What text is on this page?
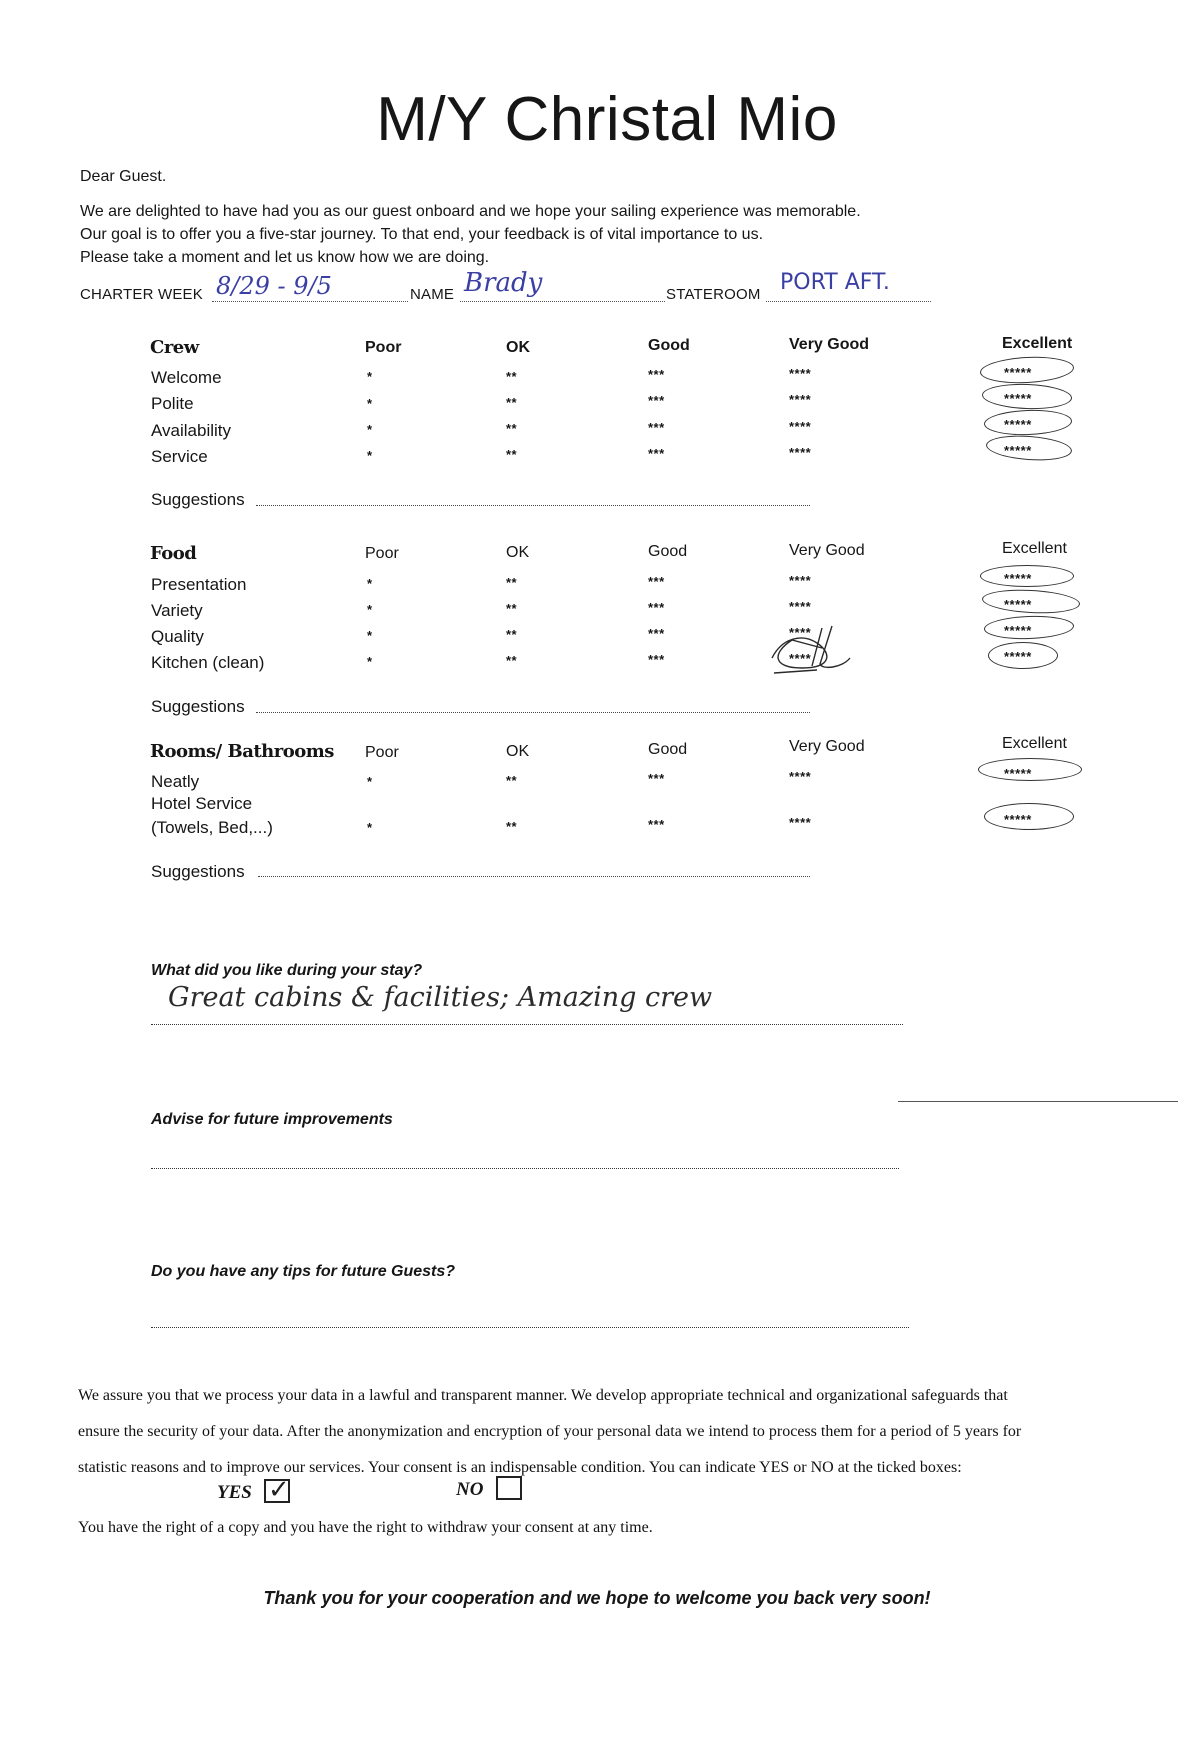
M/Y Christal Mio
Dear Guest.
We are delighted to have had you as our guest onboard and we hope your sailing experience was memorable.
Our goal is to offer you a five-star journey. To that end, your feedback is of vital importance to us.
Please take a moment and let us know how we are doing.
CHARTER WEEK 8/29 - 9/5	NAME Brady	STATEROOM PORT AFT.
Crew	Poor	OK	Good	Very Good	Excellent
Welcome	*	**	***	****	*****
Polite	*	**	***	****	*****
Availability	*	**	***	****	*****
Service	*	**	***	****	*****
Suggestions
Food	Poor	OK	Good	Very Good	Excellent
Presentation	*	**	***	****	*****
Variety	*	**	***	****	*****
Quality	*	**	***	****	*****
Kitchen (clean)	*	**	***	****	*****
Suggestions
Rooms/ Bathrooms Poor	OK	Good	Very Good	Excellent
Neatly	*	**	***	****	*****
Hotel Service
(Towels, Bed,...)	*	**	***	****	*****
Suggestions
What did you like during your stay?
Great cabins & facilities; Amazing crew
Advise for future improvements
Do you have any tips for future Guests?
We assure you that we process your data in a lawful and transparent manner. We develop appropriate technical and organizational safeguards that
ensure the security of your data. After the anonymization and encryption of your personal data we intend to process them for a period of 5 years for
statistic reasons and to improve our services. Your consent is an indispensable condition. You can indicate YES or NO at the ticked boxes:
YES ✓	NO
You have the right of a copy and you have the right to withdraw your consent at any time.
Thank you for your cooperation and we hope to welcome you back very soon!
